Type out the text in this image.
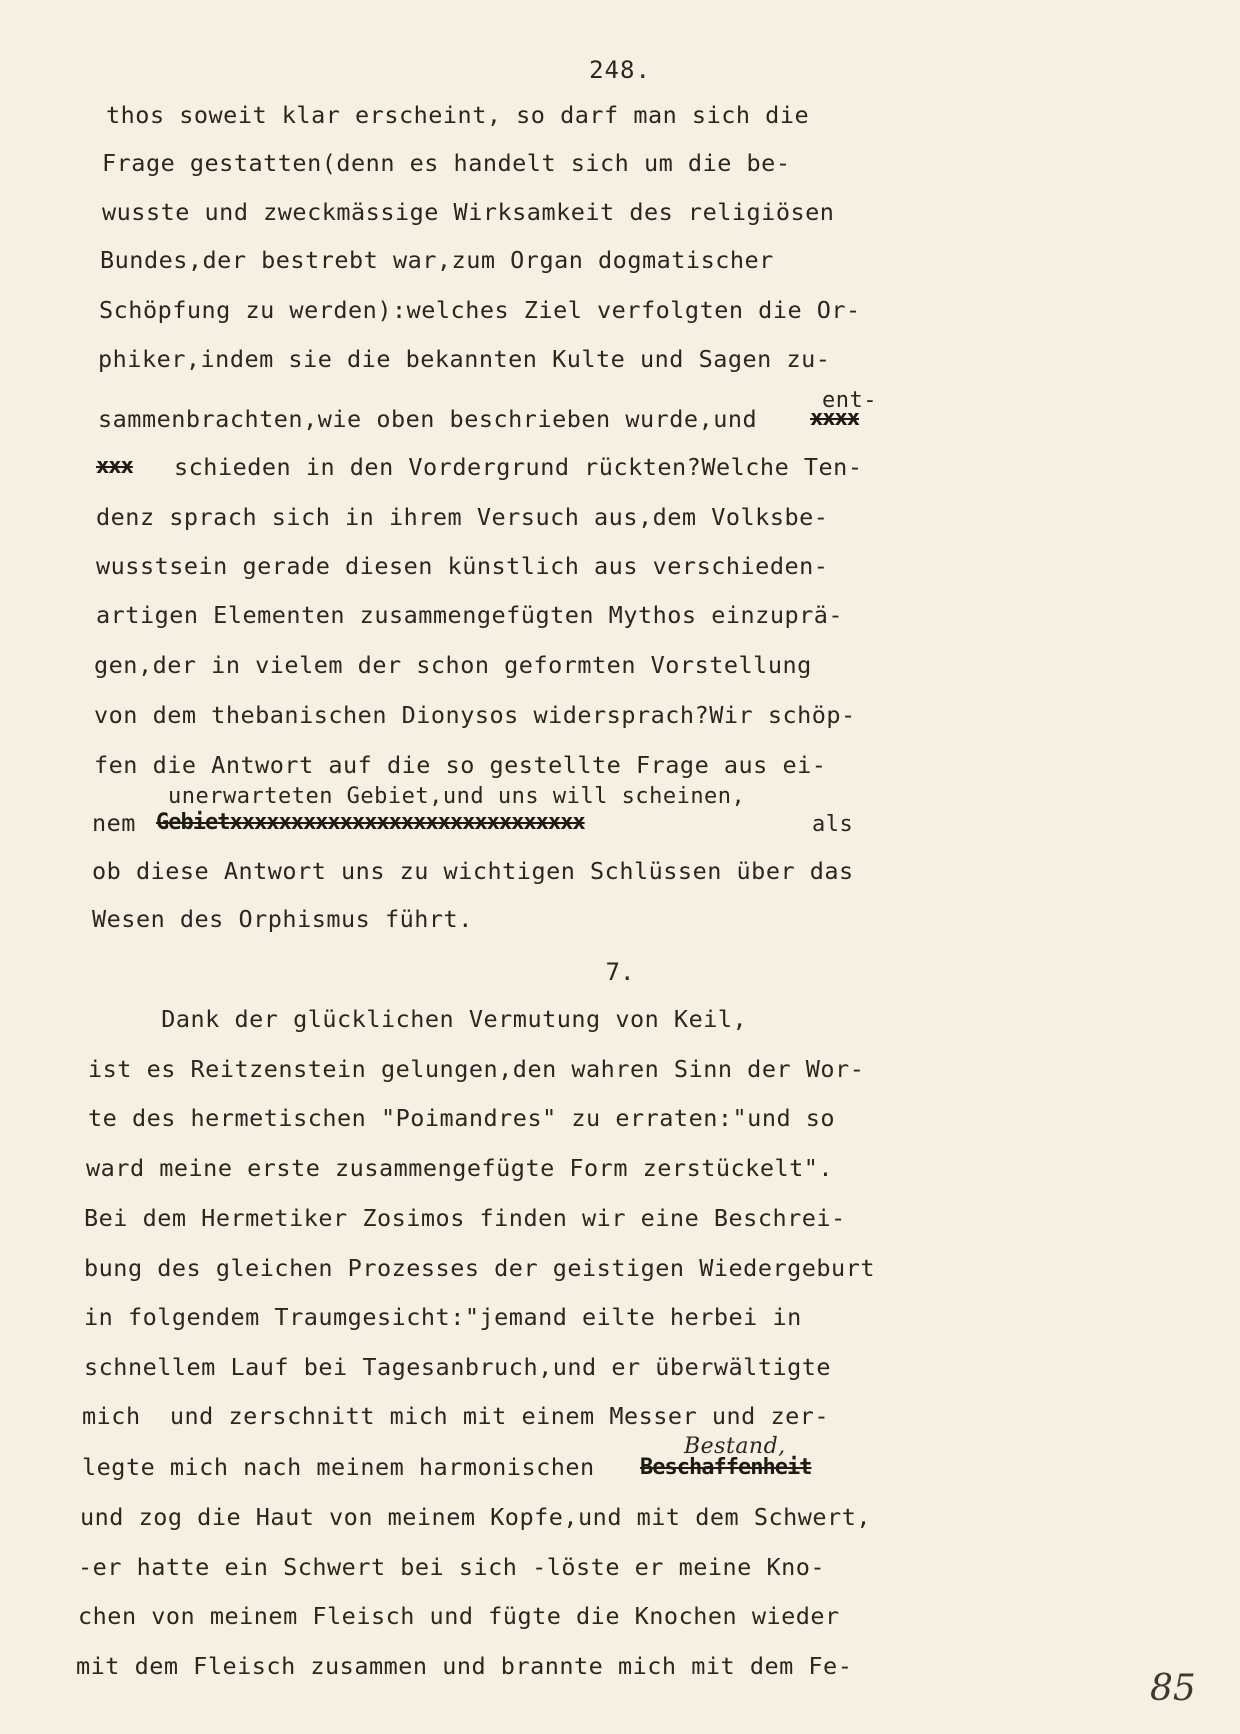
248.
thos soweit klar erscheint, so darf man sich die
Frage gestatten(denn es handelt sich um die be-
wusste und zweckmässige Wirksamkeit des religiösen
Bundes,der bestrebt war,zum Organ dogmatischer
Schöpfung zu werden):welches Ziel verfolgten die Or-
phiker,indem sie die bekannten Kulte und Sagen zu-
ent-
sammenbrachten,wie oben beschrieben wurde,und xxxx
xxx schieden in den Vordergrund rückten?Welche Ten-
denz sprach sich in ihrem Versuch aus,dem Volksbe-
wusstsein gerade diesen künstlich aus verschieden-
artigen Elementen zusammengefügten Mythos einzuprä-
gen,der in vielem der schon geformten Vorstellung
von dem thebanischen Dionysos widersprach?Wir schöp-
fen die Antwort auf die so gestellte Frage aus ei-
unerwarteten Gebiet,und uns will scheinen,
nem Gebietxxxxxxxxxxxxxxxxxxxxxxxxxxxxx	als
ob diese Antwort uns zu wichtigen Schlüssen über das
Wesen des Orphismus führt.
7.
Dank der glücklichen Vermutung von Keil,
ist es Reitzenstein gelungen,den wahren Sinn der Wor-
te des hermetischen "Poimandres" zu erraten:"und so
ward meine erste zusammengefügte Form zerstückelt".
Bei dem Hermetiker Zosimos finden wir eine Beschrei-
bung des gleichen Prozesses der geistigen Wiedergeburt
in folgendem Traumgesicht:"jemand eilte herbei in
schnellem Lauf bei Tagesanbruch,und er überwältigte
mich  und zerschnitt mich mit einem Messer und zer-
Bestand,
legte mich nach meinem harmonischen Beschaffenheit
und zog die Haut von meinem Kopfe,und mit dem Schwert,
-er hatte ein Schwert bei sich -löste er meine Kno-
chen von meinem Fleisch und fügte die Knochen wieder
mit dem Fleisch zusammen und brannte mich mit dem Fe-
85
